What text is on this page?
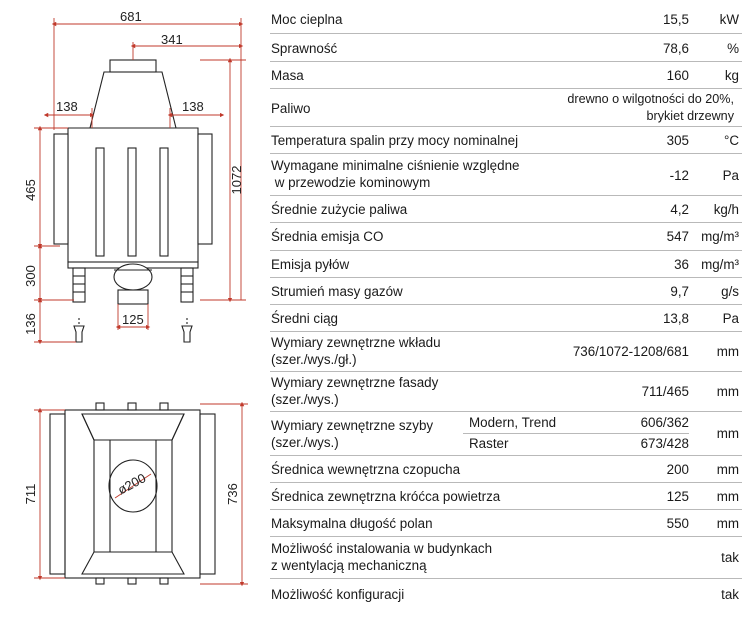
681
341
138	138
465	1072
300
136	125
711	736
ø200
Moc cieplna	15,5	kW
Sprawność	78,6	%
Masa	160	kg
Paliwo
drewno o wilgotności do 20%,
brykiet drzewny
Temperatura spalin przy mocy nominalnej	305	°C
Wymagane minimalne ciśnienie względne
w przewodzie kominowym	-12	Pa
Średnie zużycie paliwa	4,2	kg/h
Średnia emisja CO	547 mg/m³
Emisja pyłów	36 mg/m³
Strumień masy gazów	9,7	g/s
Średni ciąg	13,8	Pa
Wymiary zewnętrzne wkładu
(szer./wys./gł.)
736/1072-1208/681	mm
Wymiary zewnętrzne fasady
(szer./wys.)
711/465	mm
Wymiary zewnętrzne szyby
(szer./wys.)
Modern, Trend	606/362
Raster	673/428
mm
Średnica wewnętrzna czopucha	200	mm
Średnica zewnętrzna króćca powietrza	125	mm
Maksymalna długość polan	550	mm
Możliwość instalowania w budynkach
z wentylacją mechaniczną
tak
Możliwość konfiguracji	tak
